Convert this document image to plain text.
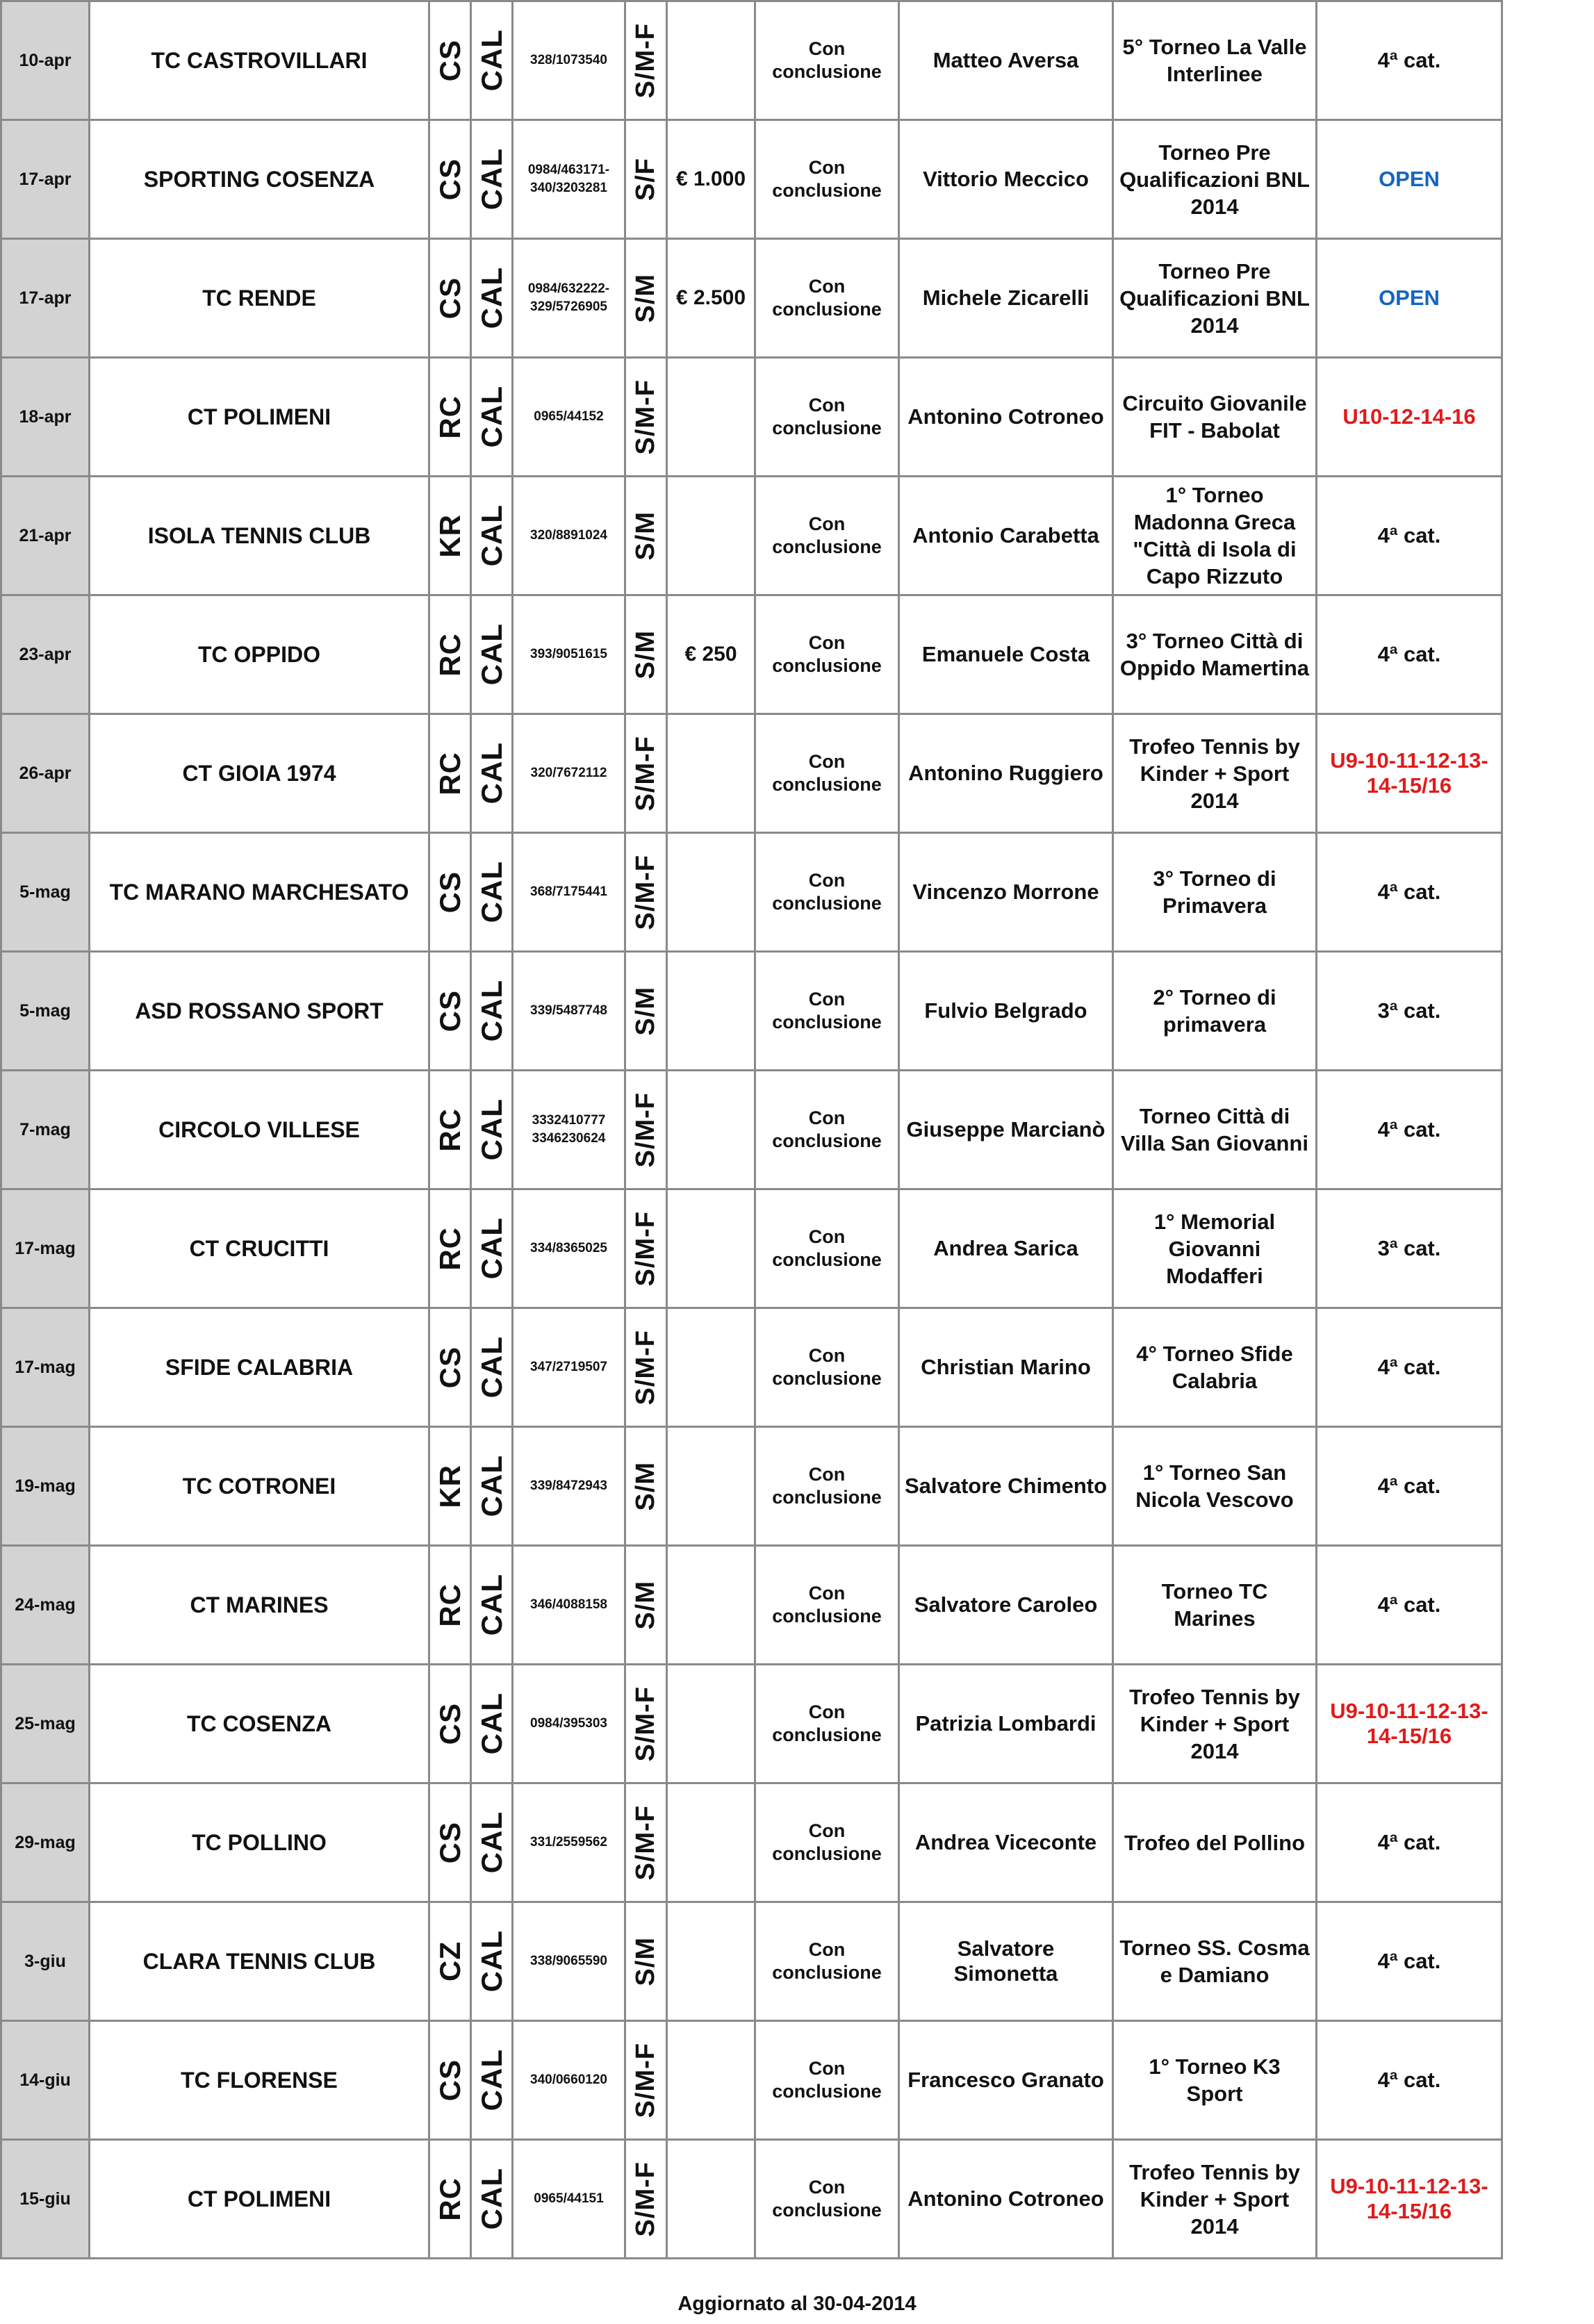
10-apr	TC CASTROVILLARI	CS	CAL	328/1073540	S/M-F		Con conclusione	Matteo Aversa	5° Torneo La Valle Interlinee	4ª cat.	
17-apr	SPORTING COSENZA	CS	CAL	0984/463171-340/3203281	S/F	€ 1.000	Con conclusione	Vittorio Meccico	Torneo Pre Qualificazioni BNL 2014	OPEN	
17-apr	TC RENDE	CS	CAL	0984/632222-329/5726905	S/M	€ 2.500	Con conclusione	Michele Zicarelli	Torneo Pre Qualificazioni BNL 2014	OPEN	
18-apr	CT POLIMENI	RC	CAL	0965/44152	S/M-F		Con conclusione	Antonino Cotroneo	Circuito Giovanile FIT - Babolat	U10-12-14-16	
21-apr	ISOLA TENNIS CLUB	KR	CAL	320/8891024	S/M		Con conclusione	Antonio Carabetta	1° Torneo Madonna Greca "Città di Isola di Capo Rizzuto	4ª cat.	
23-apr	TC OPPIDO	RC	CAL	393/9051615	S/M	€ 250	Con conclusione	Emanuele Costa	3° Torneo Città di Oppido Mamertina	4ª cat.	
26-apr	CT GIOIA 1974	RC	CAL	320/7672112	S/M-F		Con conclusione	Antonino Ruggiero	Trofeo Tennis by Kinder + Sport 2014	U9-10-11-12-13-14-15/16	
5-mag	TC MARANO MARCHESATO	CS	CAL	368/7175441	S/M-F		Con conclusione	Vincenzo Morrone	3° Torneo di Primavera	4ª cat.	
5-mag	ASD ROSSANO SPORT	CS	CAL	339/5487748	S/M		Con conclusione	Fulvio Belgrado	2° Torneo di primavera	3ª cat.	
7-mag	CIRCOLO VILLESE	RC	CAL	3332410777 3346230624	S/M-F		Con conclusione	Giuseppe Marcianò	Torneo Città di Villa San Giovanni	4ª cat.	
17-mag	CT CRUCITTI	RC	CAL	334/8365025	S/M-F		Con conclusione	Andrea Sarica	1° Memorial Giovanni Modafferi	3ª cat.	
17-mag	SFIDE CALABRIA	CS	CAL	347/2719507	S/M-F		Con conclusione	Christian Marino	4° Torneo Sfide Calabria	4ª cat.	
19-mag	TC COTRONEI	KR	CAL	339/8472943	S/M		Con conclusione	Salvatore Chimento	1° Torneo San Nicola Vescovo	4ª cat.	
24-mag	CT MARINES	RC	CAL	346/4088158	S/M		Con conclusione	Salvatore Caroleo	Torneo TC Marines	4ª cat.	
25-mag	TC COSENZA	CS	CAL	0984/395303	S/M-F		Con conclusione	Patrizia Lombardi	Trofeo Tennis by Kinder + Sport 2014	U9-10-11-12-13-14-15/16	
29-mag	TC POLLINO	CS	CAL	331/2559562	S/M-F		Con conclusione	Andrea Viceconte	Trofeo del Pollino	4ª cat.	
3-giu	CLARA TENNIS CLUB	CZ	CAL	338/9065590	S/M		Con conclusione	Salvatore Simonetta	Torneo SS. Cosma e Damiano	4ª cat.	
14-giu	TC FLORENSE	CS	CAL	340/0660120	S/M-F		Con conclusione	Francesco Granato	1° Torneo K3 Sport	4ª cat.	
15-giu	CT POLIMENI	RC	CAL	0965/44151	S/M-F		Con conclusione	Antonino Cotroneo	Trofeo Tennis by Kinder + Sport 2014	U9-10-11-12-13-14-15/16	
Aggiornato al 30-04-2014
